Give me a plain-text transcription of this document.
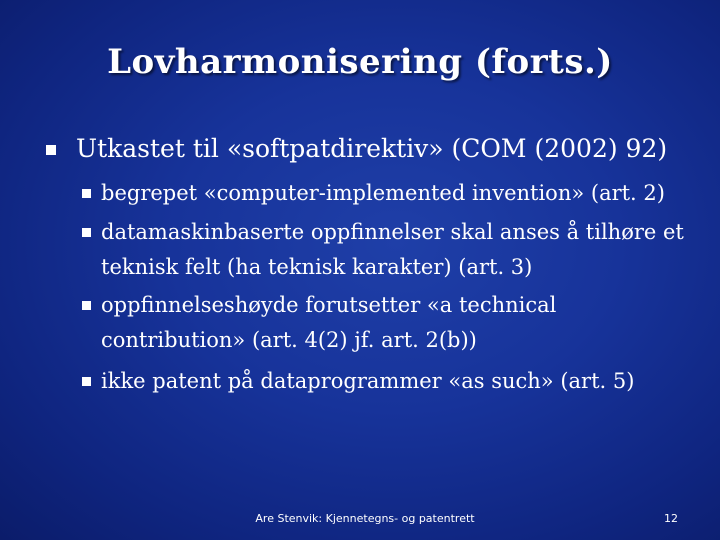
Lovharmonisering (forts.)
Utkastet til «softpatdirektiv» (COM (2002) 92)
begrepet «computer-implemented invention» (art. 2)
datamaskinbaserte oppfinnelser skal anses å tilhøre et
teknisk felt (ha teknisk karakter) (art. 3)
oppfinnelseshøyde forutsetter «a technical
contribution» (art. 4(2) jf. art. 2(b))
ikke patent på dataprogrammer «as such» (art. 5)
Are Stenvik: Kjennetegns- og patentrett	12
